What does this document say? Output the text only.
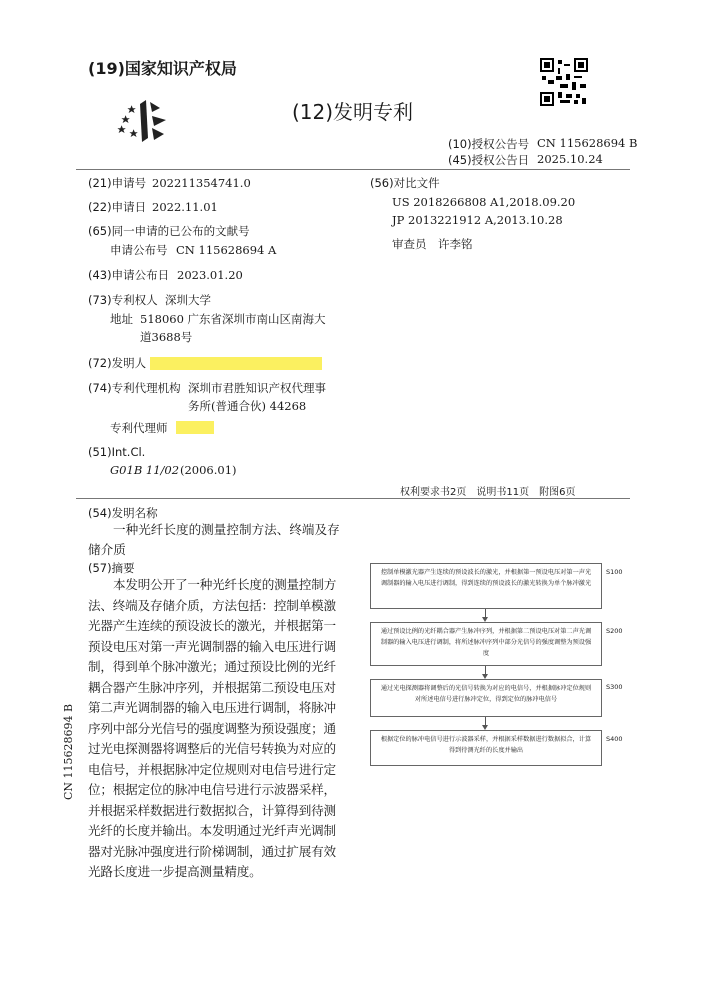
(19)国家知识产权局
(12)发明专利
(10)授权公告号 CN 115628694 B
(45)授权公告日 2025.10.24
(21)申请号 202211354741.0
(22)申请日 2022.11.01
(65)同一申请的已公布的文献号
申请公布号 CN 115628694 A
(43)申请公布日 2023.01.20
(73)专利权人 深圳大学
地址 518060 广东省深圳市南山区南海大
道3688号
(72)发明人
(74)专利代理机构 深圳市君胜知识产权代理事
务所(普通合伙) 44268
专利代理师
(51)Int.Cl.
G01B 11/02 (2006.01)
(56)对比文件
US 2018266808 A1,2018.09.20
JP 2013221912 A,2013.10.28
审查员 许李铭
权利要求书2页　说明书11页　附图6页
(54)发明名称
一种光纤长度的测量控制方法、终端及存储介质
(57)摘要
本发明公开了一种光纤长度的测量控制方法、终端及存储介质，方法包括：控制单模激光器产生连续的预设波长的激光，并根据第一预设电压对第一声光调制器的输入电压进行调制，得到单个脉冲激光；通过预设比例的光纤耦合器产生脉冲序列，并根据第二预设电压对第二声光调制器的输入电压进行调制，将脉冲序列中部分光信号的强度调整为预设强度；通过光电探测器将调整后的光信号转换为对应的电信号，并根据脉冲定位规则对电信号进行定位；根据定位的脉冲电信号进行示波器采样，并根据采样数据进行数据拟合，计算得到待测光纤的长度并输出。本发明通过光纤声光调制器对光脉冲强度进行阶梯调制，通过扩展有效光路长度进一步提高测量精度。
CN 115628694 B
控制单模激光器产生连续的预设波长的激光，并根据第一预设电压对第一声光调制器的输入电压进行调制，得到连续的预设波长的激光转换为单个脉冲激光
S100
通过预设比例的光纤耦合器产生脉冲序列，并根据第二预设电压对第二声光调制器的输入电压进行调制，将所述脉冲序列中部分光信号的强度调整为预设强度
S200
通过光电探测器将调整后的光信号转换为对应的电信号，并根据脉冲定位规则对所述电信号进行脉冲定位，得到定位的脉冲电信号
S300
根据定位的脉冲电信号进行示波器采样，并根据采样数据进行数据拟合，计算得到待测光纤的长度并输出
S400
